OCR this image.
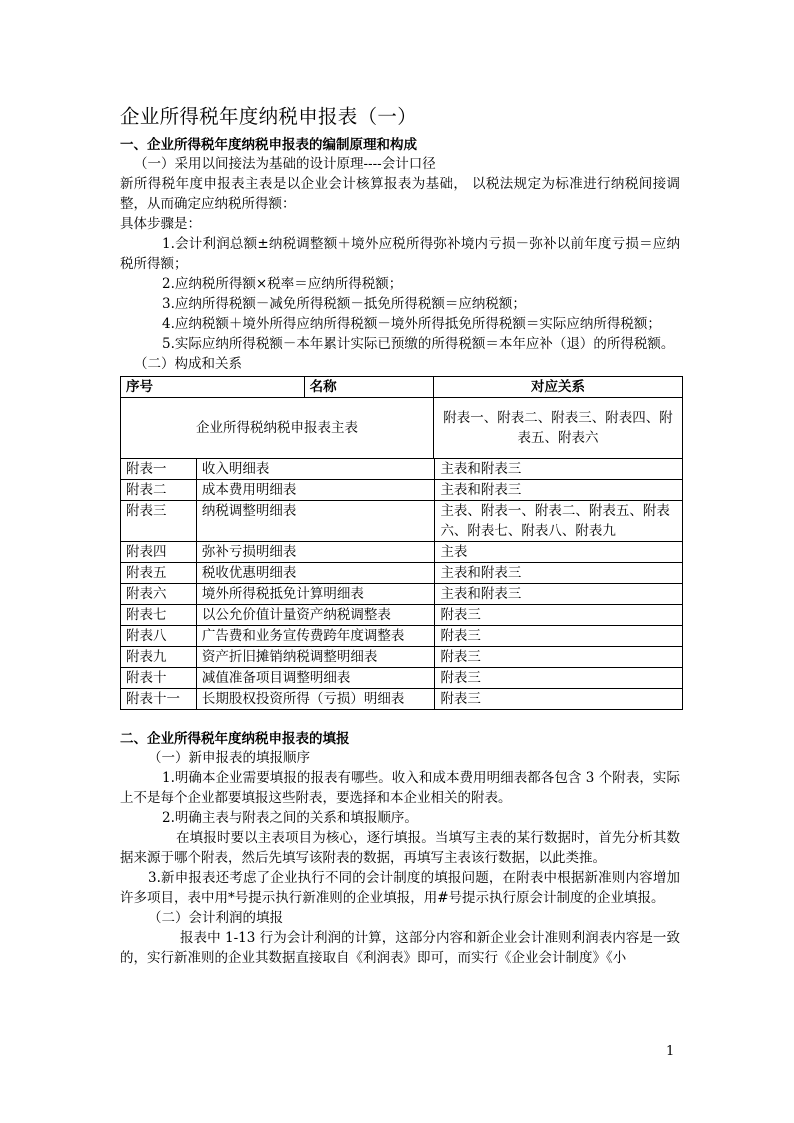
企业所得税年度纳税申报表（一）

一、企业所得税年度纳税申报表的编制原理和构成

（一）采用以间接法为基础的设计原理----会计口径

新所得税年度申报表主表是以企业会计核算报表为基础， 以税法规定为标准进行纳税间接调整，从而确定应纳税所得额：

具体步骤是：

1.会计利润总额±纳税调整额＋境外应税所得弥补境内亏损－弥补以前年度亏损＝应纳税所得额；

2.应纳税所得额×税率＝应纳所得税额；

3.应纳所得税额－减免所得税额－抵免所得税额＝应纳税额；

4.应纳税额＋境外所得应纳所得税额－境外所得抵免所得税额＝实际应纳所得税额；

5.实际应纳所得税额－本年累计实际已预缴的所得税额＝本年应补（退）的所得税额。

（二）构成和关系

序号	名称	对应关系
企业所得税纳税申报表主表		附表一、附表二、附表三、附表四、附表五、附表六
附表一	收入明细表	主表和附表三
附表二	成本费用明细表	主表和附表三
附表三	纳税调整明细表	主表、附表一、附表二、附表五、附表六、附表七、附表八、附表九
附表四	弥补亏损明细表	主表
附表五	税收优惠明细表	主表和附表三
附表六	境外所得税抵免计算明细表	主表和附表三
附表七	以公允价值计量资产纳税调整表	附表三
附表八	广告费和业务宣传费跨年度调整表	附表三
附表九	资产折旧摊销纳税调整明细表	附表三
附表十	减值准备项目调整明细表	附表三
附表十一	长期股权投资所得（亏损）明细表	附表三

二、企业所得税年度纳税申报表的填报

（一）新申报表的填报顺序

1.明确本企业需要填报的报表有哪些。收入和成本费用明细表都各包含 3 个附表，实际上不是每个企业都要填报这些附表，要选择和本企业相关的附表。

2.明确主表与附表之间的关系和填报顺序。

在填报时要以主表项目为核心，逐行填报。当填写主表的某行数据时，首先分析其数据来源于哪个附表，然后先填写该附表的数据，再填写主表该行数据，以此类推。

3.新申报表还考虑了企业执行不同的会计制度的填报问题，在附表中根据新准则内容增加许多项目，表中用*号提示执行新准则的企业填报，用#号提示执行原会计制度的企业填报。

（二）会计利润的填报

报表中 1-13 行为会计利润的计算，这部分内容和新企业会计准则利润表内容是一致的，实行新准则的企业其数据直接取自《利润表》即可，而实行《企业会计制度》《小

1
